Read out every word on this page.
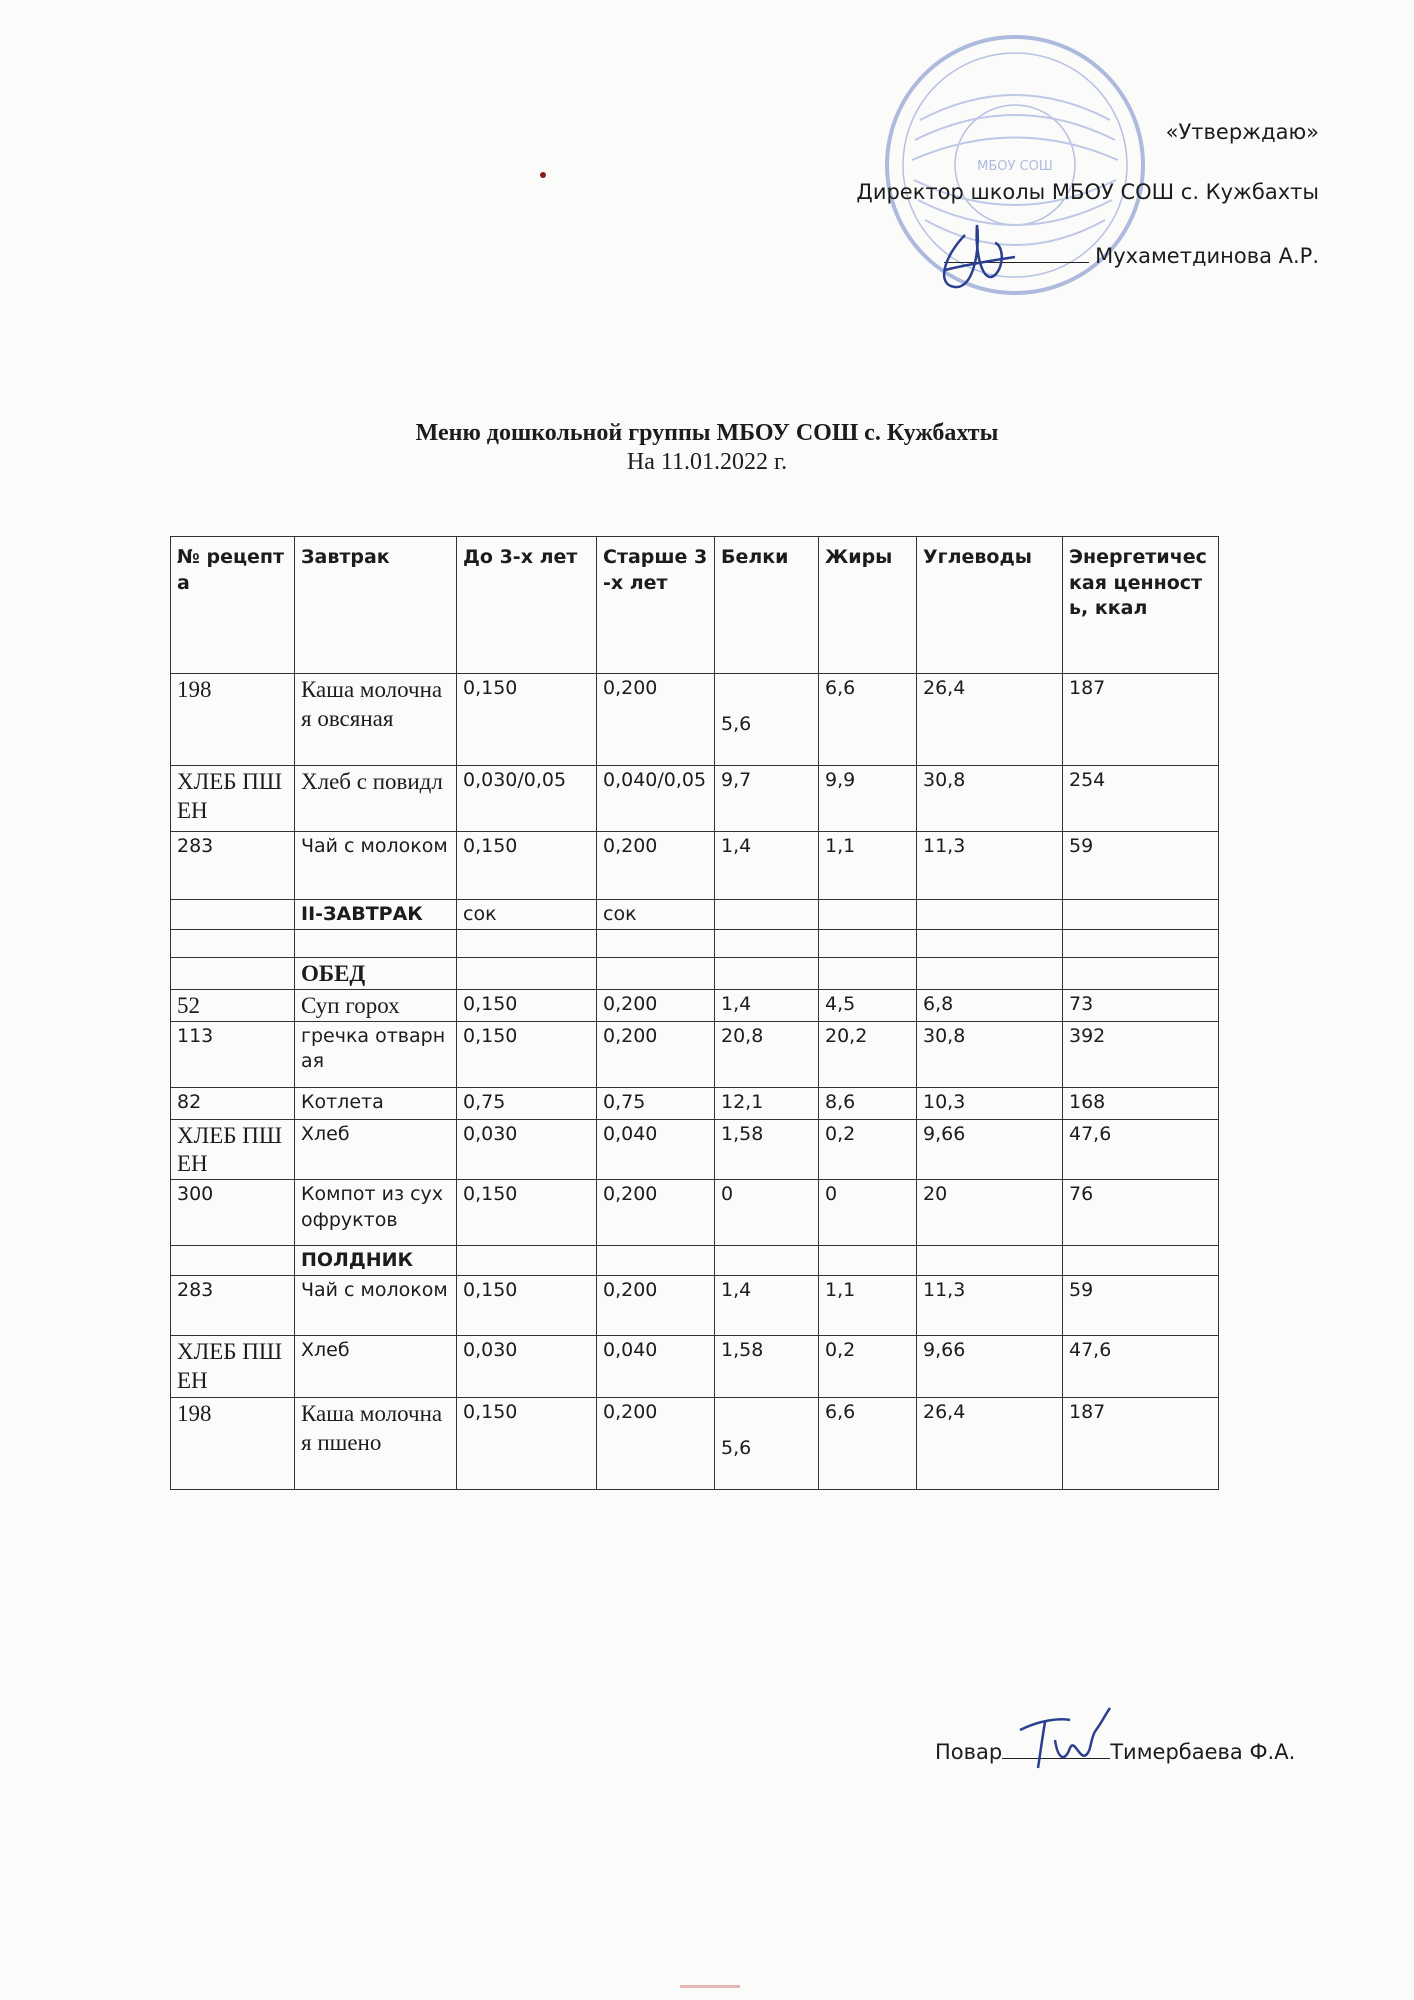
МБОУ СОШ
«Утверждаю»
Директор школы МБОУ СОШ с. Кужбахты
Мухаметдинова А.Р.
Меню дошкольной группы МБОУ СОШ с. Кужбахты
На 11.01.2022 г.
№ рецепта	Завтрак	До 3-х лет	Старше 3-х лет	Белки	Жиры	Углеводы	Энергетическая ценность, ккал
198	Каша молочная овсяная	0,150	0,200	5,6	6,6	26,4	187
ХЛЕБ ПШЕН	Хлеб с повидл	0,030/0,05	0,040/0,05	9,7	9,9	30,8	254
283	Чай с молоком	0,150	0,200	1,4	1,1	11,3	59
	II-ЗАВТРАК	сок	сок				

	ОБЕД						
52	Суп горох	0,150	0,200	1,4	4,5	6,8	73
113	гречка отварная	0,150	0,200	20,8	20,2	30,8	392
82	Котлета	0,75	0,75	12,1	8,6	10,3	168
ХЛЕБ ПШЕН	Хлеб	0,030	0,040	1,58	0,2	9,66	47,6
300	Компот из сухофруктов	0,150	0,200	0	0	20	76
	ПОЛДНИК						
283	Чай с молоком	0,150	0,200	1,4	1,1	11,3	59
ХЛЕБ ПШЕН	Хлеб	0,030	0,040	1,58	0,2	9,66	47,6
198	Каша молочная пшено	0,150	0,200	5,6	6,6	26,4	187
Повар	Тимербаева Ф.А.
